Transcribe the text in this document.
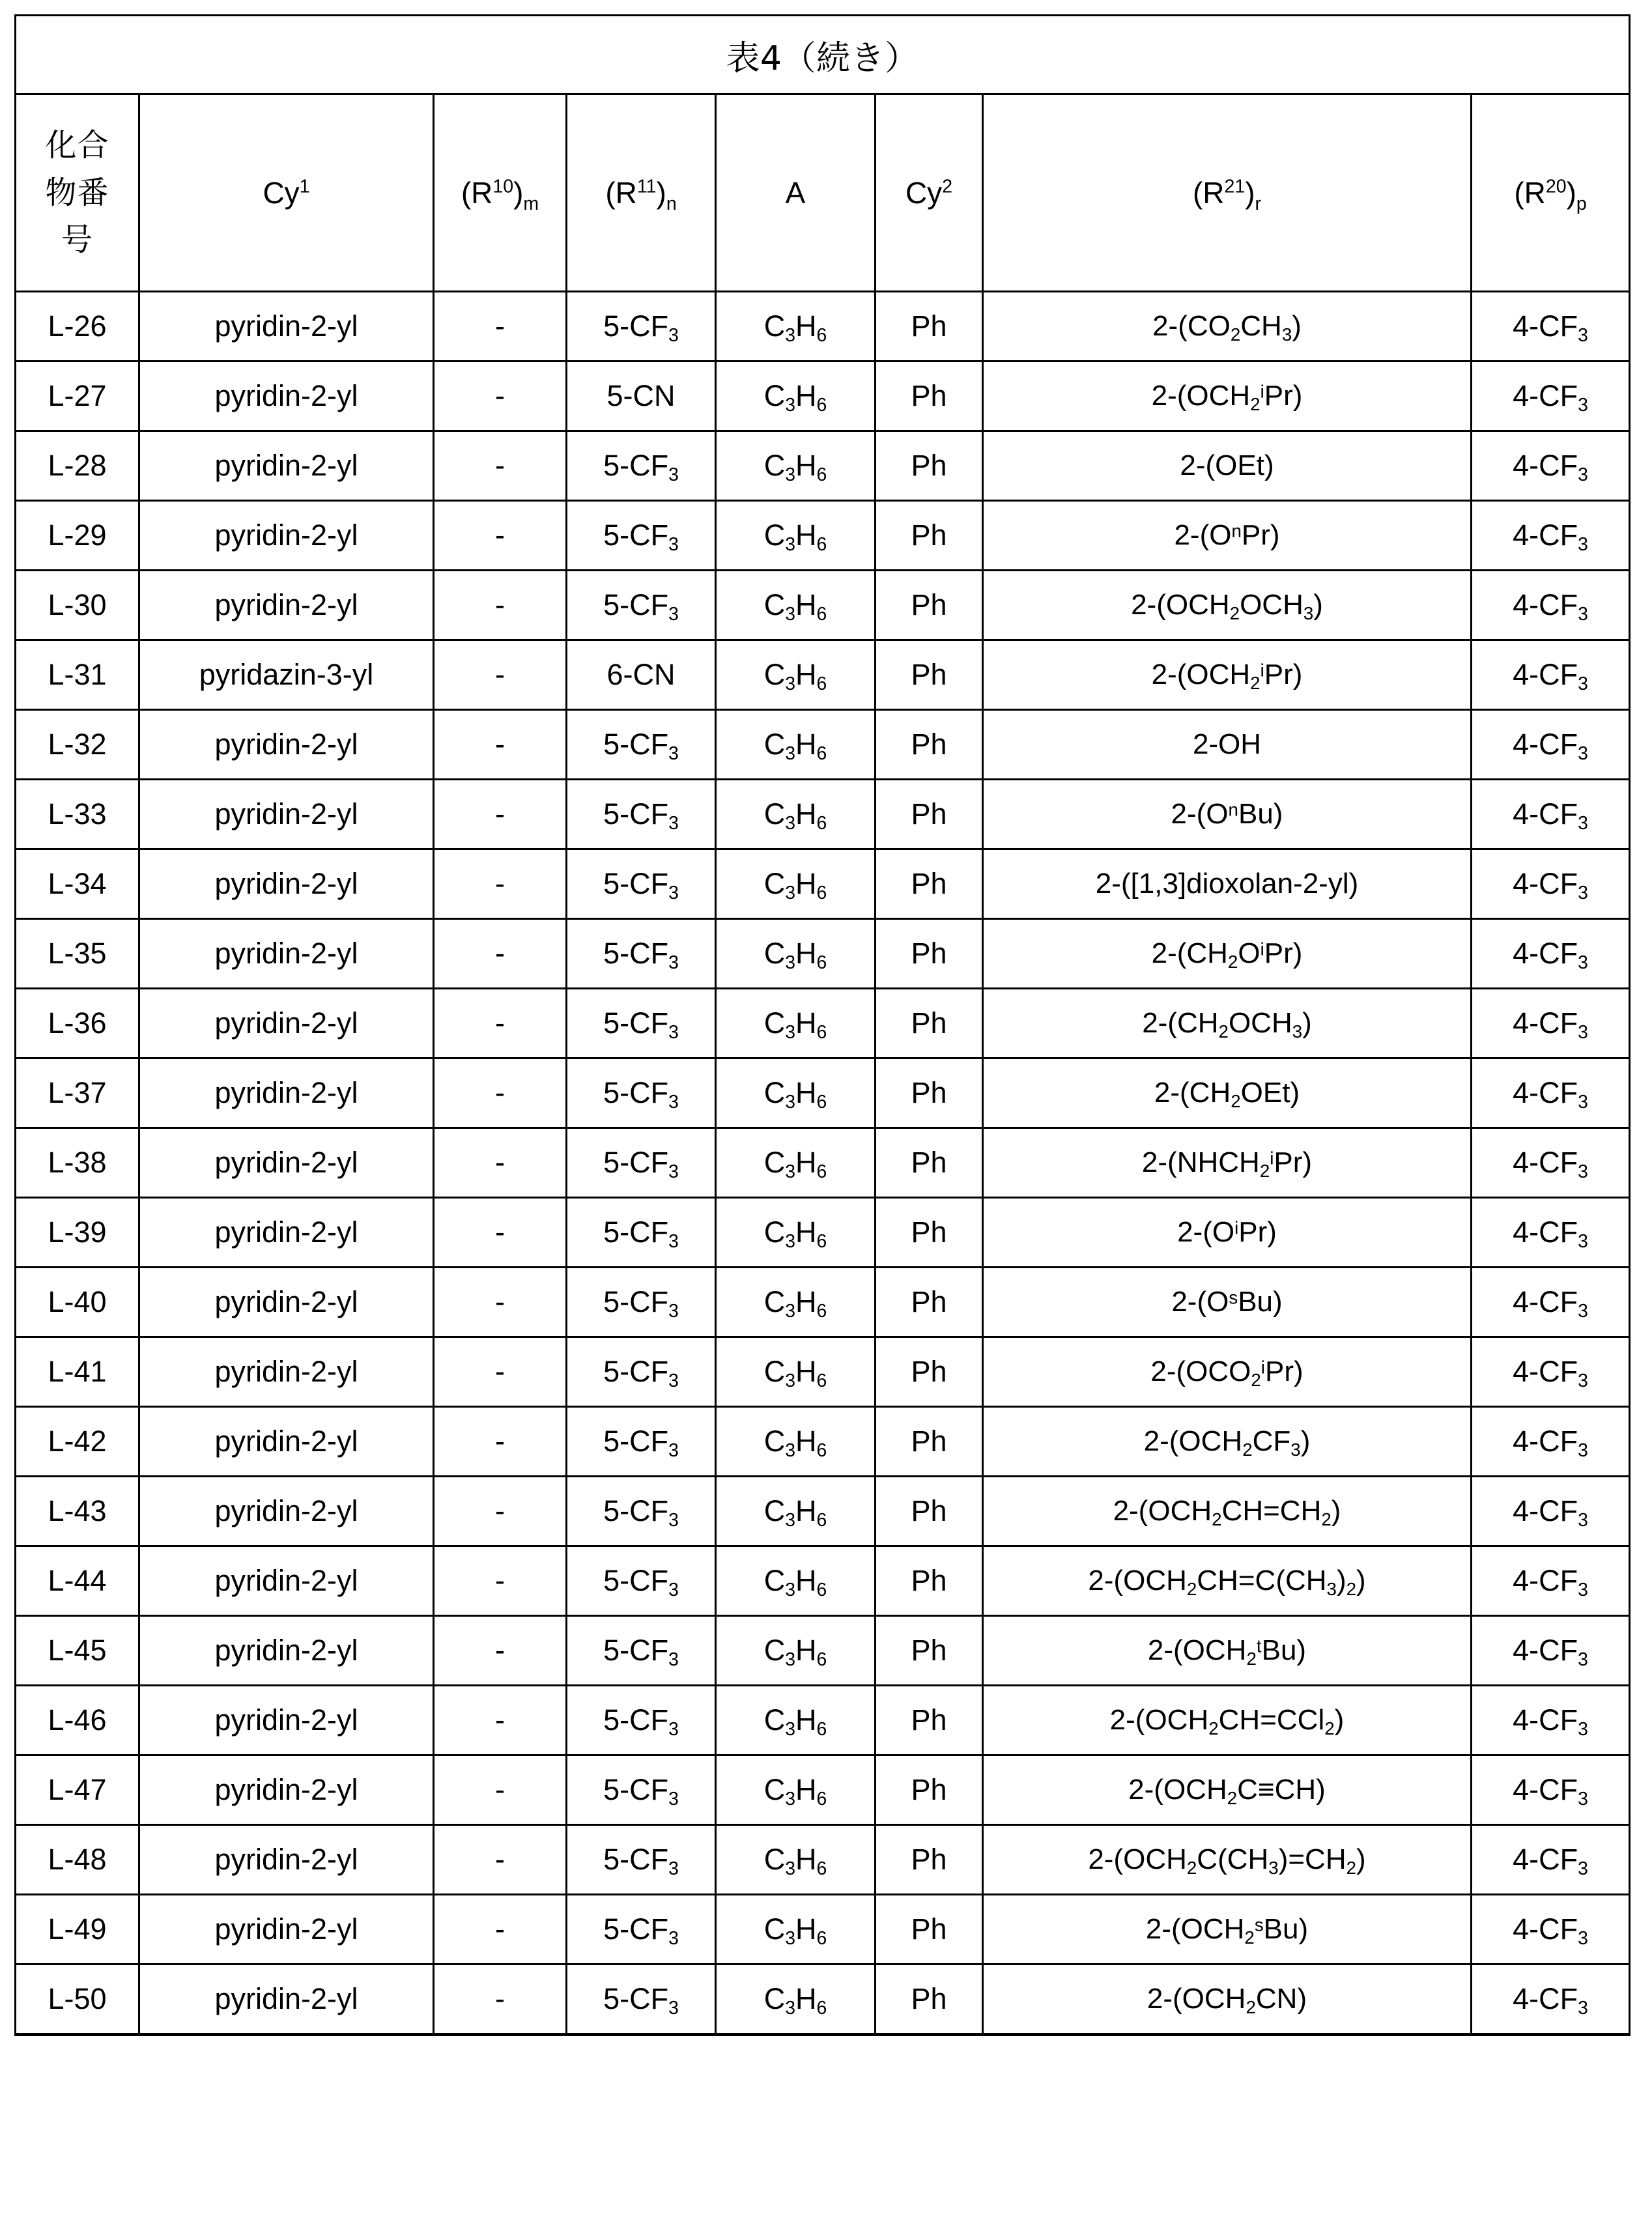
表4（続き）							

化合
物番
号	Cy$^1$	$(R^{10})_m$	$(R^{11})_n$	A	Cy$^2$	$(R^{21})_r$	$(R^{20})_p$
L-26	pyridin-2-yl	-	$5-CF_3$	$C_3H_6$	Ph	$2-(CO_2CH_3)$	$4-CF_3$
L-27	pyridin-2-yl	-	5-CN	$C_3H_6$	Ph	$2-(OCH_2^iPr)$	$4-CF_3$
L-28	pyridin-2-yl	-	$5-CF_3$	$C_3H_6$	Ph	2-(OEt)	$4-CF_3$
L-29	pyridin-2-yl	-	$5-CF_3$	$C_3H_6$	Ph	$2-(O^nPr)$	$4-CF_3$
L-30	pyridin-2-yl	-	$5-CF_3$	$C_3H_6$	Ph	$2-(OCH_2OCH_3)$	$4-CF_3$
L-31	pyridazin-3-yl	-	6-CN	$C_3H_6$	Ph	$2-(OCH_2^iPr)$	$4-CF_3$
L-32	pyridin-2-yl	-	$5-CF_3$	$C_3H_6$	Ph	2-OH	$4-CF_3$
L-33	pyridin-2-yl	-	$5-CF_3$	$C_3H_6$	Ph	$2-(O^nBu)$	$4-CF_3$
L-34	pyridin-2-yl	-	$5-CF_3$	$C_3H_6$	Ph	2-([1,3]dioxolan-2-yl)	$4-CF_3$
L-35	pyridin-2-yl	-	$5-CF_3$	$C_3H_6$	Ph	$2-(CH_2O^iPr)$	$4-CF_3$
L-36	pyridin-2-yl	-	$5-CF_3$	$C_3H_6$	Ph	$2-(CH_2OCH_3)$	$4-CF_3$
L-37	pyridin-2-yl	-	$5-CF_3$	$C_3H_6$	Ph	$2-(CH_2OEt)$	$4-CF_3$
L-38	pyridin-2-yl	-	$5-CF_3$	$C_3H_6$	Ph	$2-(NHCH_2^iPr)$	$4-CF_3$
L-39	pyridin-2-yl	-	$5-CF_3$	$C_3H_6$	Ph	$2-(O^iPr)$	$4-CF_3$
L-40	pyridin-2-yl	-	$5-CF_3$	$C_3H_6$	Ph	$2-(O^sBu)$	$4-CF_3$
L-41	pyridin-2-yl	-	$5-CF_3$	$C_3H_6$	Ph	$2-(OCO_2^iPr)$	$4-CF_3$
L-42	pyridin-2-yl	-	$5-CF_3$	$C_3H_6$	Ph	$2-(OCH_2CF_3)$	$4-CF_3$
L-43	pyridin-2-yl	-	$5-CF_3$	$C_3H_6$	Ph	$2-(OCH_2CH=CH_2)$	$4-CF_3$
L-44	pyridin-2-yl	-	$5-CF_3$	$C_3H_6$	Ph	$2-(OCH_2CH=C(CH_3)_2)$	$4-CF_3$
L-45	pyridin-2-yl	-	$5-CF_3$	$C_3H_6$	Ph	$2-(OCH_2^tBu)$	$4-CF_3$
L-46	pyridin-2-yl	-	$5-CF_3$	$C_3H_6$	Ph	$2-(OCH_2CH=CCl_2)$	$4-CF_3$
L-47	pyridin-2-yl	-	$5-CF_3$	$C_3H_6$	Ph	$2-(OCH_2C\equiv CH)$	$4-CF_3$
L-48	pyridin-2-yl	-	$5-CF_3$	$C_3H_6$	Ph	$2-(OCH_2C(CH_3)=CH_2)$	$4-CF_3$
L-49	pyridin-2-yl	-	$5-CF_3$	$C_3H_6$	Ph	$2-(OCH_2^sBu)$	$4-CF_3$
L-50	pyridin-2-yl	-	$5-CF_3$	$C_3H_6$	Ph	$2-(OCH_2CN)$	$4-CF_3$
